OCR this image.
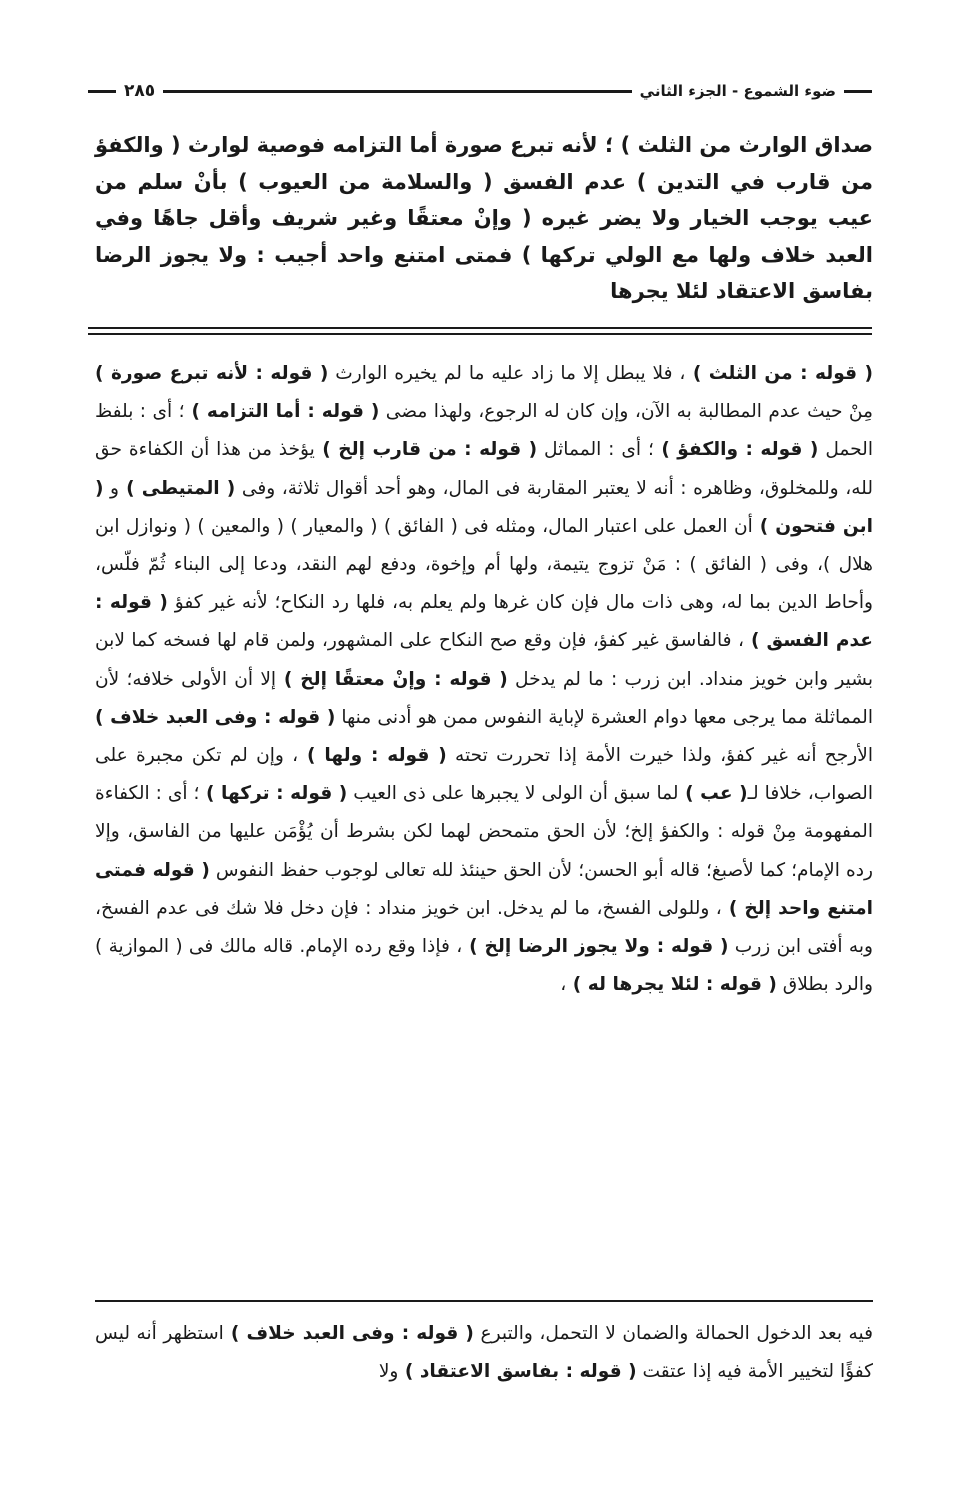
ضوء الشموع - الجزء الثاني
٢٨٥

صداق الوارث من الثلث ) ؛ لأنه تبرع صورة أما التزامه فوصية لوارث ( والكفؤ من قارب في التدين ) عدم الفسق ( والسلامة من العيوب ) بأنْ سلم من عيب يوجب الخيار ولا يضر غيره ( وإنْ معتقًا وغير شريف وأقل جاهًا وفي العبد خلاف ولها مع الولي تركها ) فمتى امتنع واحد أجيب : ولا يجوز الرضا بفاسق الاعتقاد لئلا يجرها

( قوله : من الثلث ) ، فلا يبطل إلا ما زاد عليه ما لم يخيره الوارث ( قوله : لأنه تبرع صورة ) مِنْ حيث عدم المطالبة به الآن، وإن كان له الرجوع، ولهذا مضى ( قوله : أما التزامه ) ؛ أى : بلفظ الحمل ( قوله : والكفؤ ) ؛ أى : المماثل ( قوله : من قارب إلخ ) يؤخذ من هذا أن الكفاءة حق لله، وللمخلوق، وظاهره : أنه لا يعتبر المقاربة فى المال، وهو أحد أقوال ثلاثة، وفى ( المتيطى ) و ( ابن فتحون ) أن العمل على اعتبار المال، ومثله فى ( الفائق ) ( والمعيار ) ( والمعين ) ( ونوازل ابن هلال )، وفى ( الفائق ) : مَنْ تزوج يتيمة، ولها أم وإخوة، ودفع لهم النقد، ودعا إلى البناء ثُمّ فلّس، وأحاط الدين بما له، وهى ذات مال فإن كان غرها ولم يعلم به، فلها رد النكاح؛ لأنه غير كفؤ ( قوله : عدم الفسق ) ، فالفاسق غير كفؤ، فإن وقع صح النكاح على المشهور، ولمن قام لها فسخه كما لابن بشير وابن خويز منداد. ابن زرب : ما لم يدخل ( قوله : وإنْ معتقًا إلخ ) إلا أن الأولى خلافه؛ لأن المماثلة مما يرجى معها دوام العشرة لإباية النفوس ممن هو أدنى منها ( قوله : وفى العبد خلاف ) الأرجح أنه غير كفؤ، ولذا خيرت الأمة إذا تحررت تحته ( قوله : ولها ) ، وإن لم تكن مجبرة على الصواب، خلافا لـ( عب ) لما سبق أن الولى لا يجبرها على ذى العيب ( قوله : تركها ) ؛ أى : الكفاءة المفهومة مِنْ قوله : والكفؤ إلخ؛ لأن الحق متمحض لهما لكن بشرط أن يُؤْمَن عليها من الفاسق، وإلا رده الإمام؛ كما لأصبغ؛ قاله أبو الحسن؛ لأن الحق حينئذ لله تعالى لوجوب حفظ النفوس ( قوله فمتى امتنع واحد إلخ ) ، وللولى الفسخ، ما لم يدخل. ابن خويز منداد : فإن دخل فلا شك فى عدم الفسخ، وبه أفتى ابن زرب ( قوله : ولا يجوز الرضا إلخ ) ، فإذا وقع رده الإمام. قاله مالك فى ( الموازية ) والرد بطلاق ( قوله : لئلا يجرها له ) ،

فيه بعد الدخول الحمالة والضمان لا التحمل، والتبرع ( قوله : وفى العبد خلاف ) استظهر أنه ليس كفؤًا لتخيير الأمة فيه إذا عتقت ( قوله : بفاسق الاعتقاد ) ولا
